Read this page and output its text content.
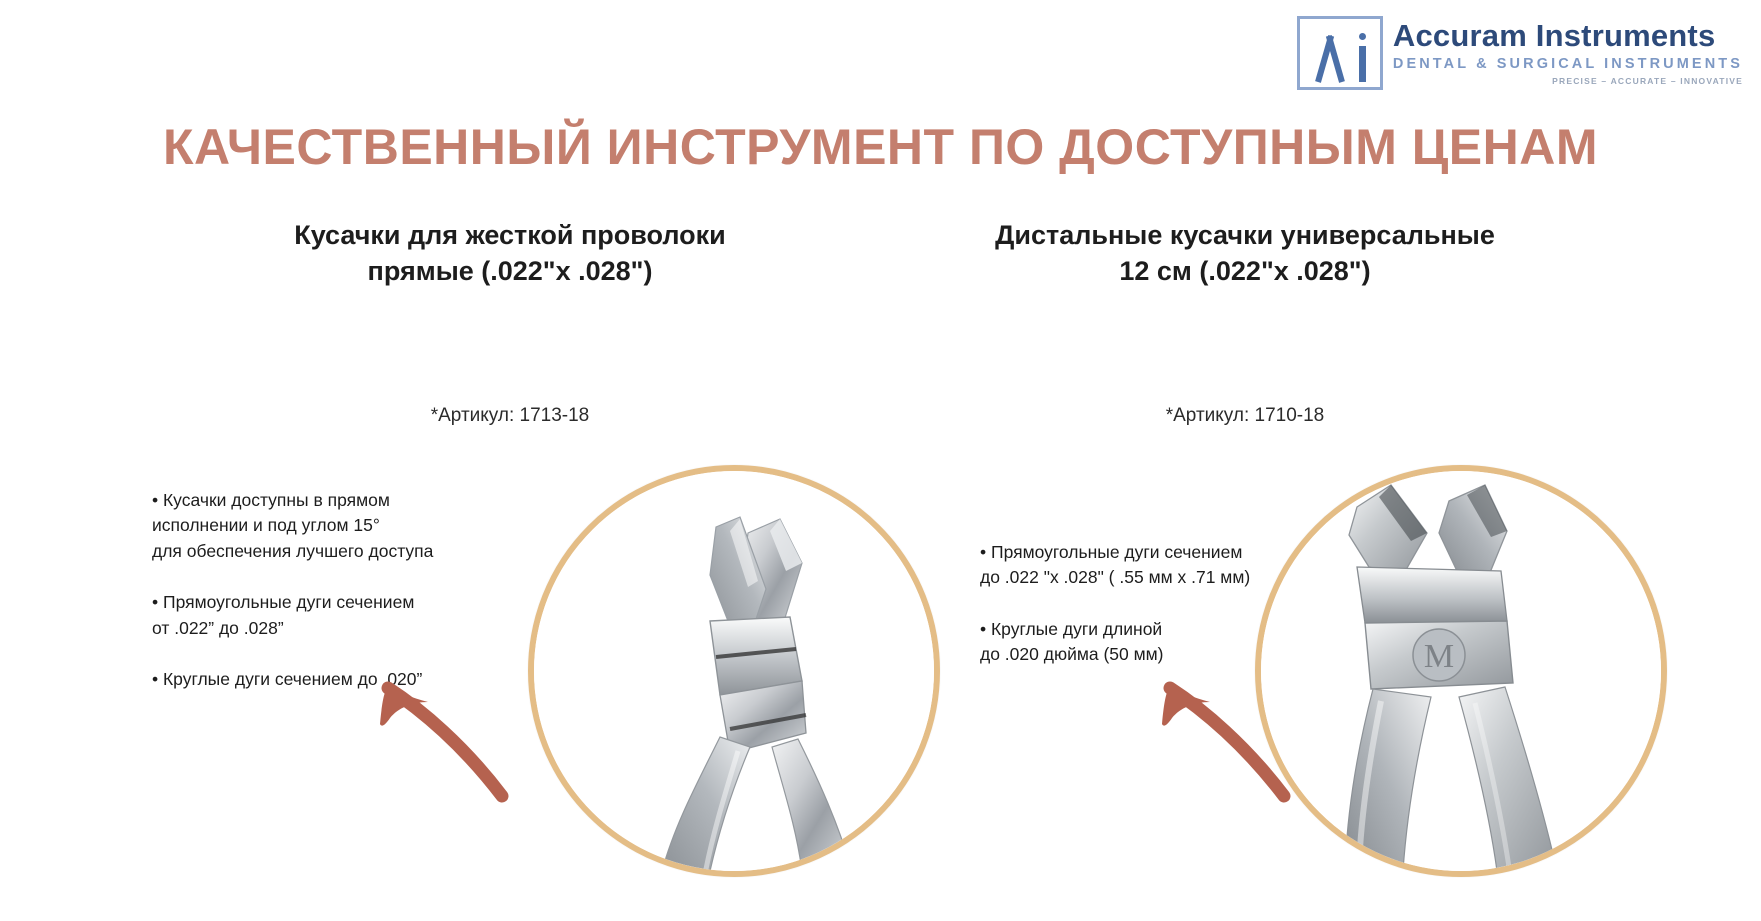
Accuram Instruments
DENTAL & SURGICAL INSTRUMENTS
PRECISE – ACCURATE – INNOVATIVE
КАЧЕСТВЕННЫЙ ИНСТРУМЕНТ ПО ДОСТУПНЫМ ЦЕНАМ
Кусачки для жесткой проволоки
прямые (.022"x .028")
*Артикул: 1713-18

• Кусачки доступны в прямом
исполнении и под углом 15°
для обеспечения лучшего доступа

• Прямоугольные дуги сечением
от .022” до .028”

• Круглые дуги сечением до .020”

Дистальные кусачки универсальные
12 см (.022"x .028")
*Артикул: 1710-18

• Прямоугольные дуги сечением
до .022 "х .028" ( .55 мм х .71 мм)

• Круглые дуги длиной
до .020 дюйма (50 мм)	M
